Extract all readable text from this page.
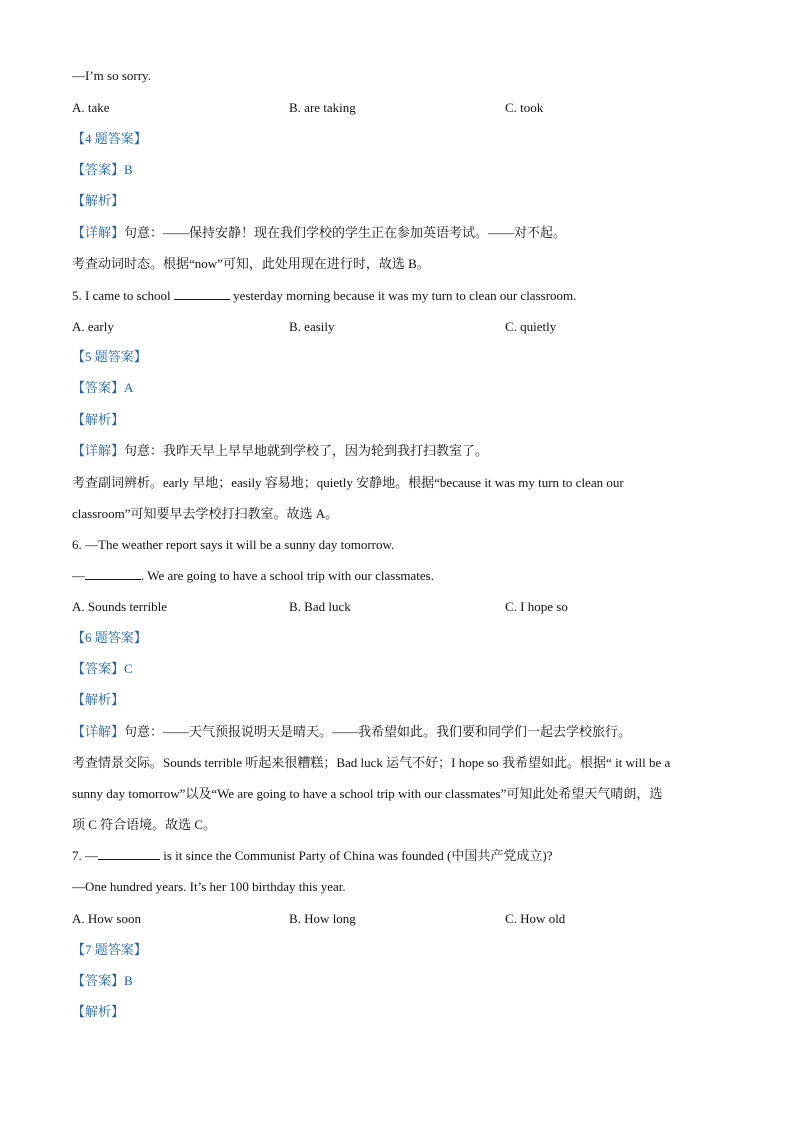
—I’m so sorry.
A. take	B. are taking	C. took
【4 题答案】
【答案】B
【解析】
【详解】句意：——保持安静！现在我们学校的学生正在参加英语考试。——对不起。
考查动词时态。根据“now”可知，此处用现在进行时，故选 B。
5. I came to school	yesterday morning because it was my turn to clean our classroom.
A. early	B. easily	C. quietly
【5 题答案】
【答案】A
【解析】
【详解】句意：我昨天早上早早地就到学校了，因为轮到我打扫教室了。
考查副词辨析。early 早地；easily 容易地；quietly 安静地。根据“because it was my turn to clean our
classroom”可知要早去学校打扫教室。故选 A。
6. —The weather report says it will be a sunny day tomorrow.
—	. We are going to have a school trip with our classmates.
A. Sounds terrible	B. Bad luck	C. I hope so
【6 题答案】
【答案】C
【解析】
【详解】句意：——天气预报说明天是晴天。——我希望如此。我们要和同学们一起去学校旅行。
考查情景交际。Sounds terrible 听起来很糟糕；Bad luck 运气不好；I hope so 我希望如此。根据“ it will be a
sunny day tomorrow”以及“We are going to have a school trip with our classmates”可知此处希望天气晴朗，选
项 C 符合语境。故选 C。
7. —	is it since the Communist Party of China was founded (中国共产党成立)?
—One hundred years. It’s her 100 birthday this year.
A. How soon	B. How long	C. How old
【7 题答案】
【答案】B
【解析】
